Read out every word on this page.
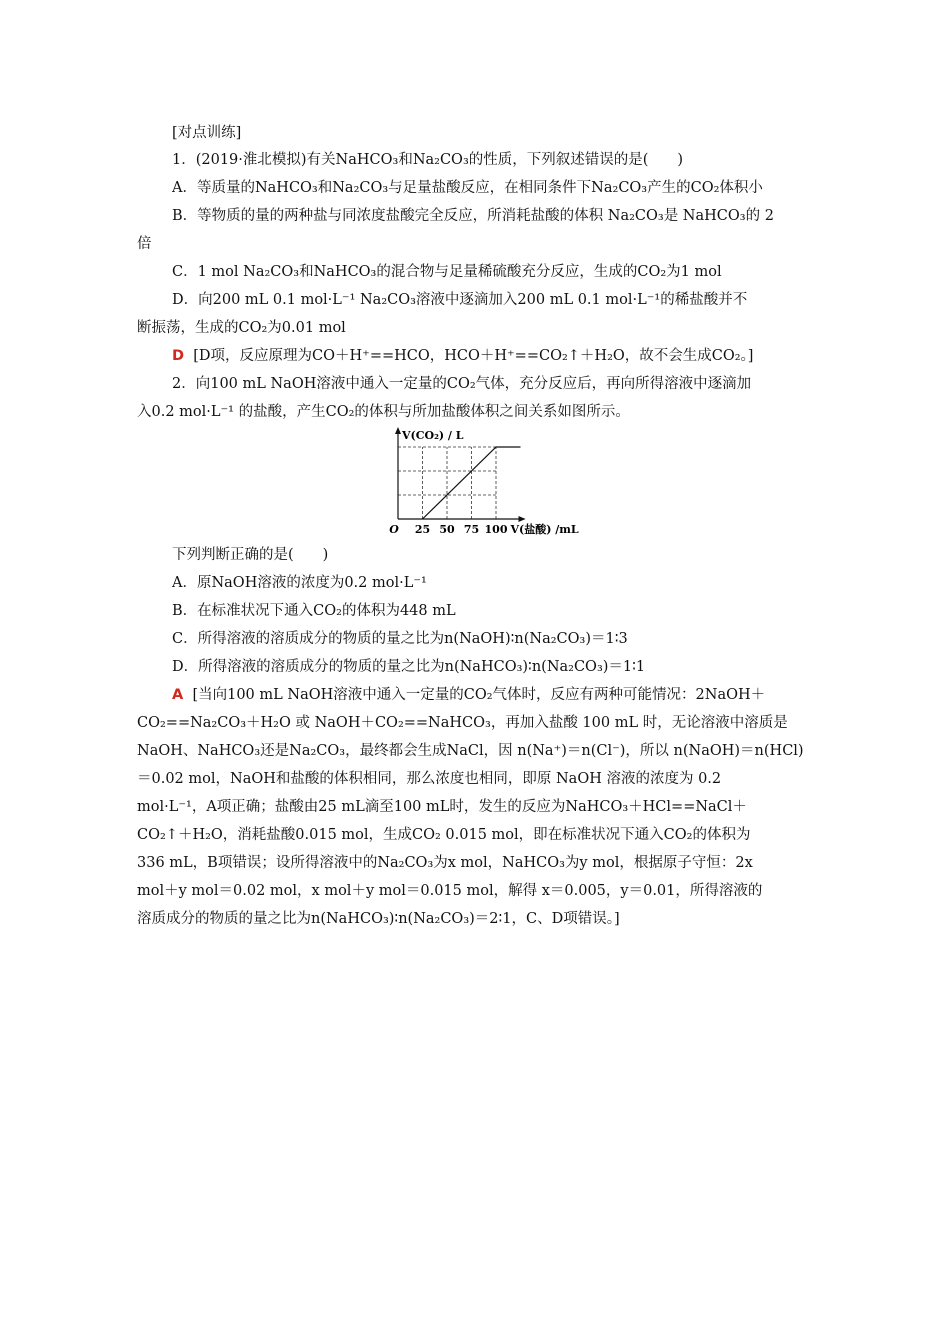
[对点训练]
1．(2019·淮北模拟)有关NaHCO₃和Na₂CO₃的性质，下列叙述错误的是(　　)
A．等质量的NaHCO₃和Na₂CO₃与足量盐酸反应，在相同条件下Na₂CO₃产生的CO₂体积小
B．等物质的量的两种盐与同浓度盐酸完全反应，所消耗盐酸的体积 Na₂CO₃是 NaHCO₃的 2
倍
C．1 mol Na₂CO₃和NaHCO₃的混合物与足量稀硫酸充分反应，生成的CO₂为1 mol
D．向200 mL 0.1 mol·L⁻¹ Na₂CO₃溶液中逐滴加入200 mL 0.1 mol·L⁻¹的稀盐酸并不
断振荡，生成的CO₂为0.01 mol
D [D项，反应原理为CO＋H⁺==HCO，HCO＋H⁺==CO₂↑＋H₂O，故不会生成CO₂。]
2．向100 mL NaOH溶液中通入一定量的CO₂气体，充分反应后，再向所得溶液中逐滴加
入0.2 mol·L⁻¹ 的盐酸，产生CO₂的体积与所加盐酸体积之间关系如图所示。
O 25 50 75 100 V(盐酸) /mL
V(CO₂) / L
下列判断正确的是(　　)
A．原NaOH溶液的浓度为0.2 mol·L⁻¹
B．在标准状况下通入CO₂的体积为448 mL
C．所得溶液的溶质成分的物质的量之比为n(NaOH)∶n(Na₂CO₃)＝1∶3
D．所得溶液的溶质成分的物质的量之比为n(NaHCO₃)∶n(Na₂CO₃)＝1∶1
A [当向100 mL NaOH溶液中通入一定量的CO₂气体时，反应有两种可能情况：2NaOH＋
CO₂==Na₂CO₃＋H₂O 或 NaOH＋CO₂==NaHCO₃，再加入盐酸 100 mL 时，无论溶液中溶质是
NaOH、NaHCO₃还是Na₂CO₃，最终都会生成NaCl，因 n(Na⁺)＝n(Cl⁻)，所以 n(NaOH)＝n(HCl)
＝0.02 mol，NaOH和盐酸的体积相同，那么浓度也相同，即原 NaOH 溶液的浓度为 0.2
mol·L⁻¹，A项正确；盐酸由25 mL滴至100 mL时，发生的反应为NaHCO₃＋HCl==NaCl＋
CO₂↑＋H₂O，消耗盐酸0.015 mol，生成CO₂ 0.015 mol，即在标准状况下通入CO₂的体积为
336 mL，B项错误；设所得溶液中的Na₂CO₃为x mol，NaHCO₃为y mol，根据原子守恒：2x
mol＋y mol＝0.02 mol，x mol＋y mol＝0.015 mol，解得 x＝0.005，y＝0.01，所得溶液的
溶质成分的物质的量之比为n(NaHCO₃)∶n(Na₂CO₃)＝2∶1，C、D项错误。]
